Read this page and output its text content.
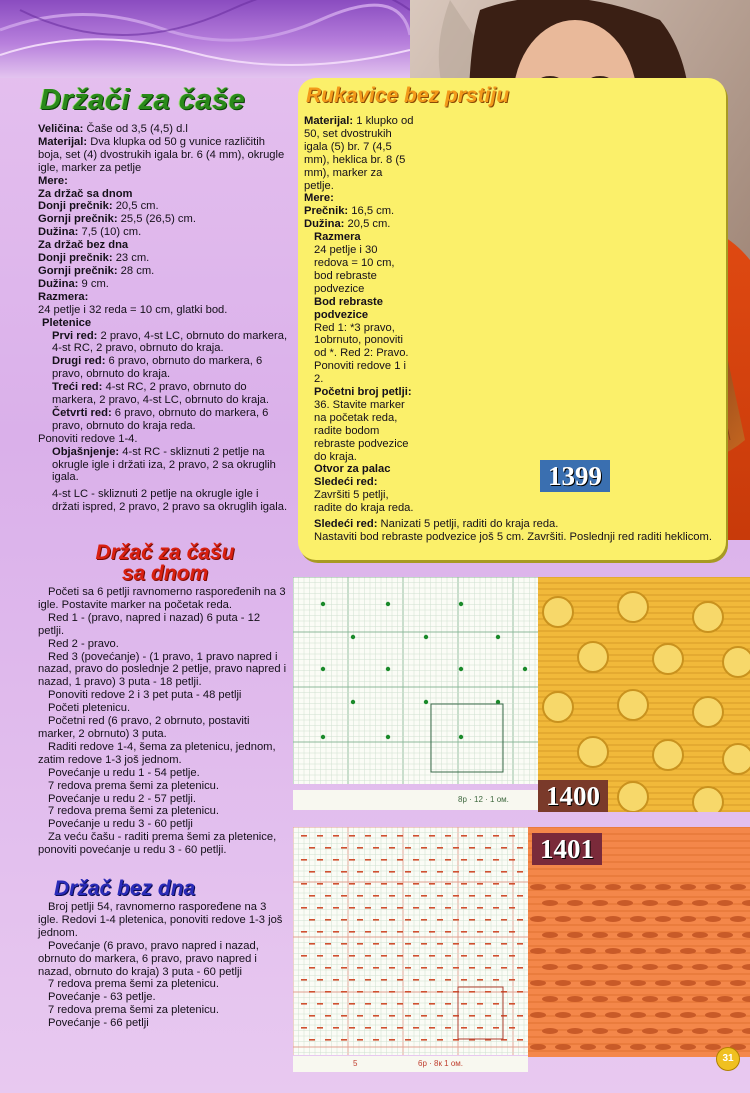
Držači za čaše

Veličina: Čaše od 3,5 (4,5) d.l

Materijal: Dva klupka od 50 g vunice različitih boja, set (4) dvostrukih igala br. 6 (4 mm), okrugle igle, marker za petlje

Mere:

Za držač sa dnom

Donji prečnik: 20,5 cm.

Gornji prečnik: 25,5 (26,5) cm.

Dužina: 7,5 (10) cm.

Za držač bez dna

Donji prečnik: 23 cm.

Gornji prečnik: 28 cm.

Dužina: 9 cm.

Razmera:

24 petlje i 32 reda = 10 cm, glatki bod.

Pletenice

Prvi red: 2 pravo, 4-st LC, obrnuto do markera, 4-st RC, 2 pravo, obrnuto do kraja.

Drugi red: 6 pravo, obrnuto do markera, 6 pravo, obrnuto do kraja.

Treći red: 4-st RC, 2 pravo, obrnuto do markera, 2 pravo, 4-st LC, obrnuto do kraja.

Četvrti red: 6 pravo, obrnuto do markera, 6 pravo, obrnuto do kraja reda.

Ponoviti redove 1-4.

Objašnjenje: 4-st RC - skliznuti 2 petlje na okrugle igle i držati iza, 2 pravo, 2 sa okruglih igala.

4-st LC - skliznuti 2 petlje na okrugle igle i držati ispred, 2 pravo, 2 pravo sa okruglih igala.

Držač za čašu
sa dnom

Početi sa 6 petlji ravnomerno raspoređenih na 3 igle. Postavite marker na početak reda.

Red 1 - (pravo, napred i nazad) 6 puta - 12 petlji.

Red 2 - pravo.

Red 3 (povećanje) - (1 pravo, 1 pravo napred i nazad, pravo do poslednje 2 petlje, pravo napred i nazad, 1 pravo) 3 puta - 18 petlji.

Ponoviti redove 2 i 3 pet puta - 48 petlji

Početi pletenicu.

Početni red (6 pravo, 2 obrnuto, postaviti marker, 2 obrnuto) 3 puta.

Raditi redove 1-4, šema za pletenicu, jednom, zatim redove 1-3 još jednom.

Povećanje u redu 1 - 54 petlje.

7 redova prema šemi za pletenicu.

Povećanje u redu 2 - 57 petlji.

7 redova prema šemi za pletenicu.

Povećanje u redu 3 - 60 petlji

Za veću čašu - raditi prema šemi za pletenice, ponoviti povećanje u redu 3 - 60 petlji.

Držač bez dna

Broj petlji 54, ravnomerno raspoređene na 3 igle. Redovi 1-4 pletenica, ponoviti redove 1-3 još jednom.

Povećanje (6 pravo, pravo napred i nazad, obrnuto do markera, 6 pravo, pravo napred i nazad, obrnuto do kraja) 3 puta - 60 petlji

7 redova prema šemi za pletenicu.

Povećanje - 63 petlje.

7 redova prema šemi za pletenicu.

Povećanje - 66 petlji

Rukavice bez prstiju

Materijal: 1 klupko od 50, set dvostrukih igala (5) br. 7 (4,5 mm), heklica br. 8 (5 mm), marker za petlje.

Mere:

Prečnik: 16,5 cm.

Dužina: 20,5 cm.

Razmera

24 petlje i 30 redova = 10 cm, bod rebraste podvezice

Bod rebraste podvezice

Red 1: *3 pravo, 1obrnuto, ponoviti od *. Red 2: Pravo. Ponoviti redove 1 i 2.

Početni broj petlji: 36. Stavite marker na početak reda, radite bodom rebraste podvezice do kraja.

Otvor za palac

Sledeći red: Završiti 5 petlji, radite do kraja reda.

Sledeći red: Nanizati 5 petlji, raditi do kraja reda.

Nastaviti bod rebraste podvezice još 5 cm. Završiti. Poslednji red raditi heklicom.

1399
8р · 12 · 1 ом. 1400
5	6р · 8к 1 ом.
1401
31
